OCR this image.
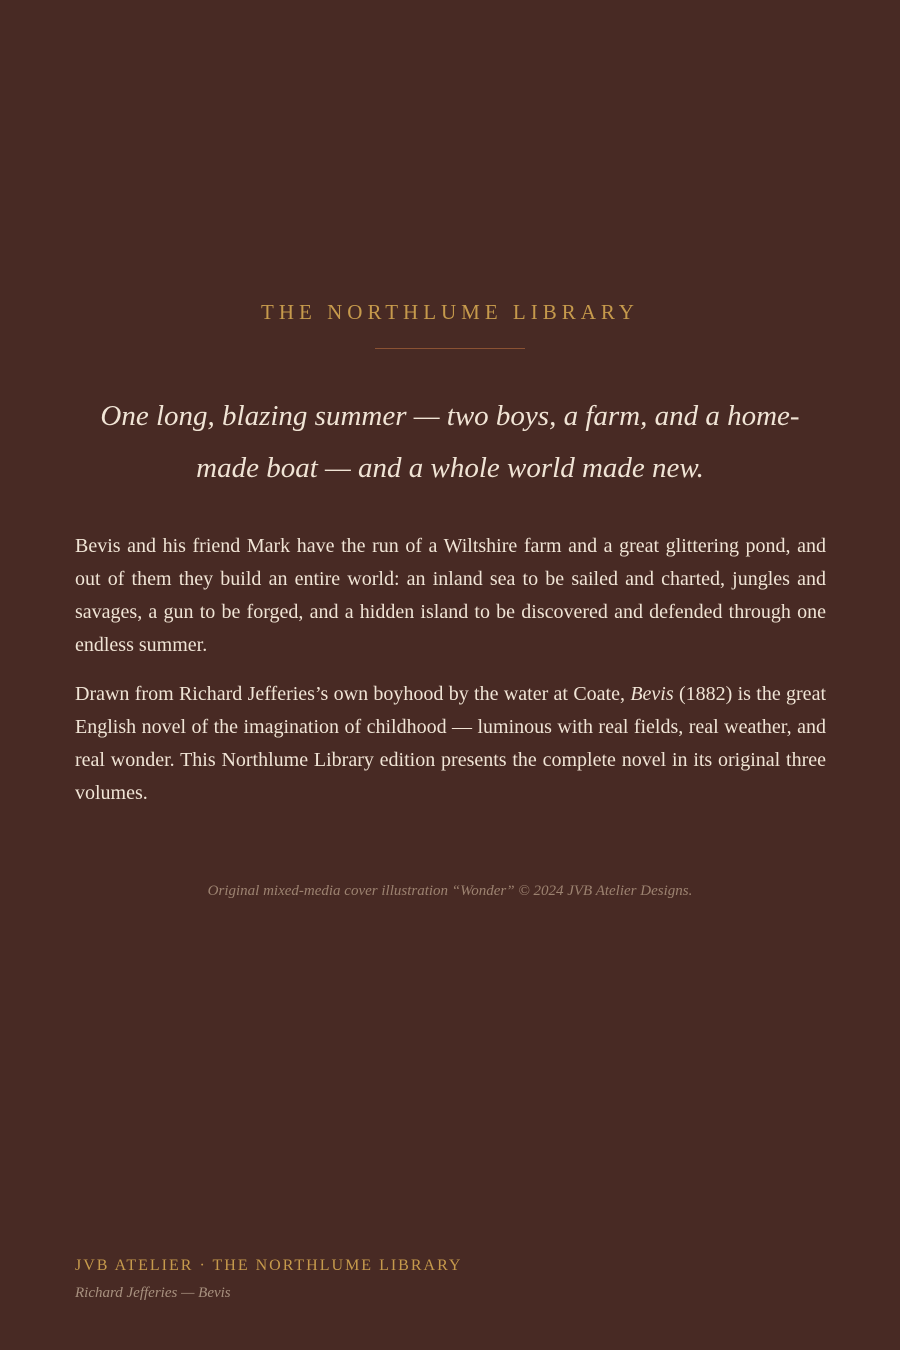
THE NORTHLUME LIBRARY
One long, blazing summer — two boys, a farm, and a home-made boat — and a whole world made new.

Bevis and his friend Mark have the run of a Wiltshire farm and a great glittering pond, and out of them they build an entire world: an inland sea to be sailed and charted, jungles and savages, a gun to be forged, and a hidden island to be discovered and defended through one endless summer.

Drawn from Richard Jefferies’s own boyhood by the water at Coate, Bevis (1882) is the great English novel of the imagination of childhood — luminous with real fields, real weather, and real wonder. This Northlume Library edition presents the complete novel in its original three volumes.

Original mixed-media cover illustration “Wonder” © 2024 JVB Atelier Designs.
JVB ATELIER · THE NORTHLUME LIBRARY
Richard Jefferies — Bevis
